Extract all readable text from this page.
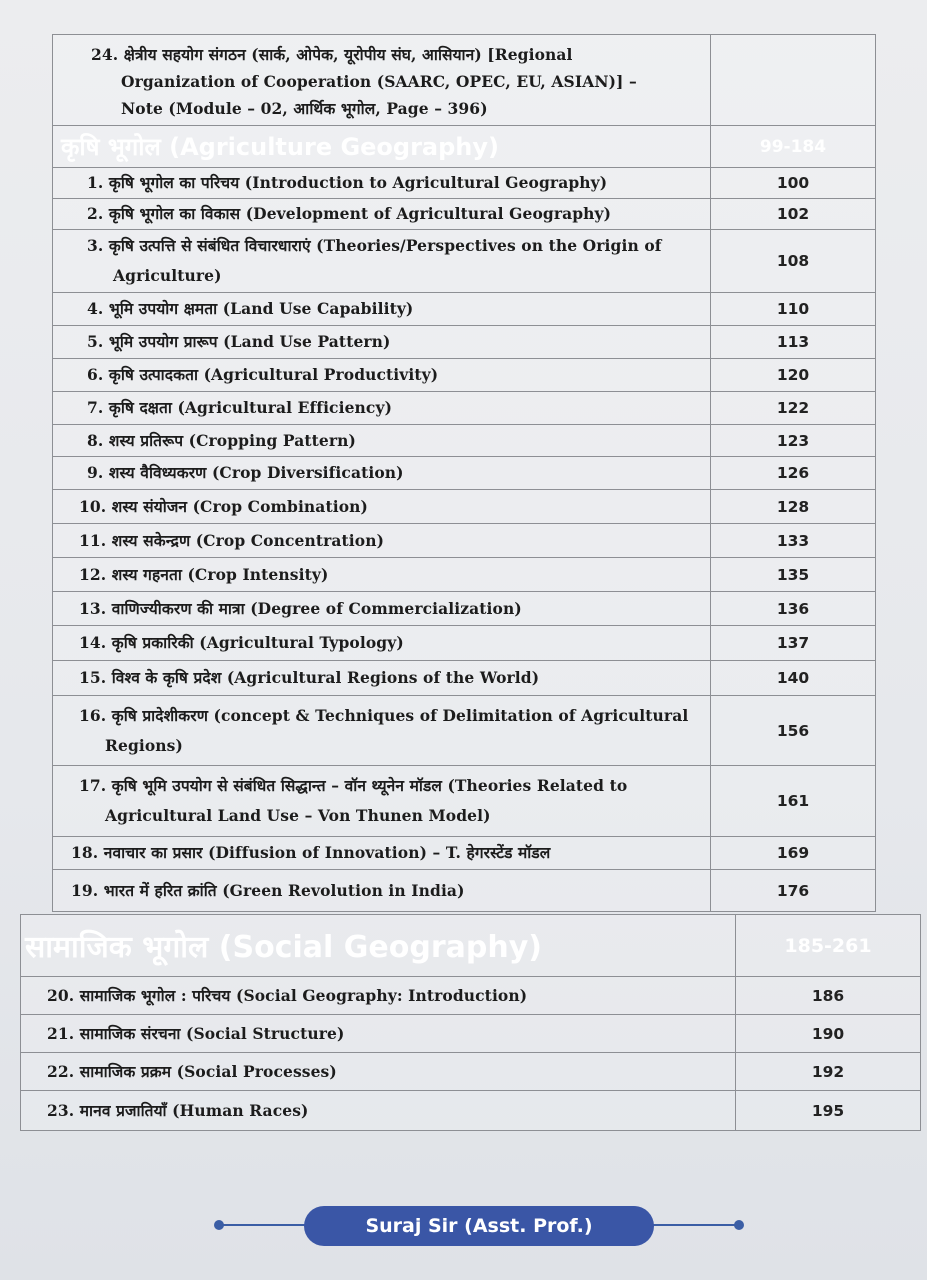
24. क्षेत्रीय सहयोग संगठन (सार्क, ओपेक, यूरोपीय संघ, आसियान) [Regional
Organization of Cooperation (SAARC, OPEC, EU, ASIAN)] –
Note (Module – 02, आर्थिक भूगोल, Page – 396)	

कृषि भूगोल (Agriculture Geography)	99-184

1. कृषि भूगोल का परिचय (Introduction to Agricultural Geography)	100

2. कृषि भूगोल का विकास (Development of Agricultural Geography)	102

3. कृषि उत्पत्ति से संबंधित विचारधाराएं (Theories/Perspectives on the Origin of
Agriculture)	108

4. भूमि उपयोग क्षमता (Land Use Capability)	110

5. भूमि उपयोग प्रारूप (Land Use Pattern)	113

6. कृषि उत्पादकता (Agricultural Productivity)	120

7. कृषि दक्षता (Agricultural Efficiency)	122

8. शस्य प्रतिरूप (Cropping Pattern)	123

9. शस्य वैविध्यकरण (Crop Diversification)	126

10. शस्य संयोजन (Crop Combination)	128

11. शस्य सकेन्द्रण (Crop Concentration)	133

12. शस्य गहनता (Crop Intensity)	135

13. वाणिज्यीकरण की मात्रा (Degree of Commercialization)	136

14. कृषि प्रकारिकी (Agricultural Typology)	137

15. विश्व के कृषि प्रदेश (Agricultural Regions of the World)	140

16. कृषि प्रादेशीकरण (concept & Techniques of Delimitation of Agricultural
Regions)	156

17. कृषि भूमि उपयोग से संबंधित सिद्धान्त – वॉन थ्यूनेन मॉडल (Theories Related to
Agricultural Land Use – Von Thunen Model)	161

18. नवाचार का प्रसार (Diffusion of Innovation) – T. हेगरस्टेंड मॉडल	169

19. भारत में हरित क्रांति (Green Revolution in India)	176
सामाजिक भूगोल (Social Geography)	185-261

20. सामाजिक भूगोल : परिचय (Social Geography: Introduction)	186

21. सामाजिक संरचना (Social Structure)	190

22. सामाजिक प्रक्रम (Social Processes)	192

23. मानव प्रजातियाँ (Human Races)	195
Suraj Sir (Asst. Prof.)
